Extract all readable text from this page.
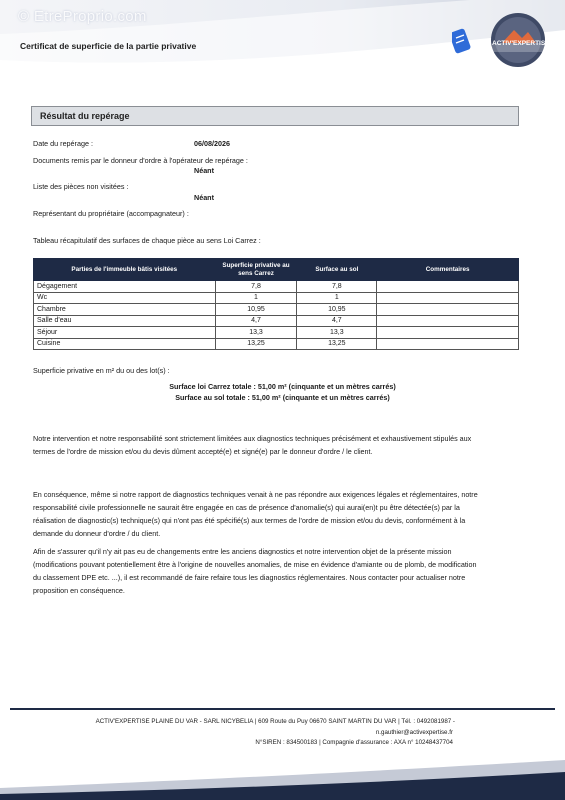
© EtreProprio.com
Certificat de superficie de la partie privative	ACTIV'EXPERTISE
Résultat du repérage
Date du repérage :	06/08/2026
Documents remis par le donneur d'ordre à l'opérateur de repérage :
Néant
Liste des pièces non visitées :
Néant
Représentant du propriétaire (accompagnateur) :
Tableau récapitulatif des surfaces de chaque pièce au sens Loi Carrez :
Parties de l'immeuble bâtis visitées	Superficie privative au sens Carrez	Surface au sol	Commentaires
Dégagement	7,8	7,8	
Wc	1	1	
Chambre	10,95	10,95	
Salle d'eau	4,7	4,7	
Séjour	13,3	13,3	
Cuisine	13,25	13,25	
Superficie privative en m² du ou des lot(s) :
Surface loi Carrez totale : 51,00 m² (cinquante et un mètres carrés)
Surface au sol totale : 51,00 m² (cinquante et un mètres carrés)
Notre intervention et notre responsabilité sont strictement limitées aux diagnostics techniques précisément et exhaustivement stipulés aux
termes de l'ordre de mission et/ou du devis dûment accepté(e) et signé(e) par le donneur d'ordre / le client.
En conséquence, même si notre rapport de diagnostics techniques venait à ne pas répondre aux exigences légales et réglementaires, notre
responsabilité civile professionnelle ne saurait être engagée en cas de présence d'anomalie(s) qui aurai(en)t pu être détectée(s) par la
réalisation de diagnostic(s) technique(s) qui n'ont pas été spécifié(s) aux termes de l'ordre de mission et/ou du devis, conformément à la
demande du donneur d'ordre / du client.
Afin de s'assurer qu'il n'y ait pas eu de changements entre les anciens diagnostics et notre intervention objet de la présente mission
(modifications pouvant potentiellement être à l'origine de nouvelles anomalies, de mise en évidence d'amiante ou de plomb, de modification
du classement DPE etc. ...), il est recommandé de faire refaire tous les diagnostics réglementaires. Nous contacter pour actualiser notre
proposition en conséquence.
ACTIV'EXPERTISE PLAINE DU VAR - SARL NICYBELIA | 609 Route du Puy 06670 SAINT MARTIN DU VAR | Tél. : 0492081987 -
n.gauthier@activexpertise.fr
N°SIREN : 834500183 | Compagnie d'assurance : AXA n° 10248437704
